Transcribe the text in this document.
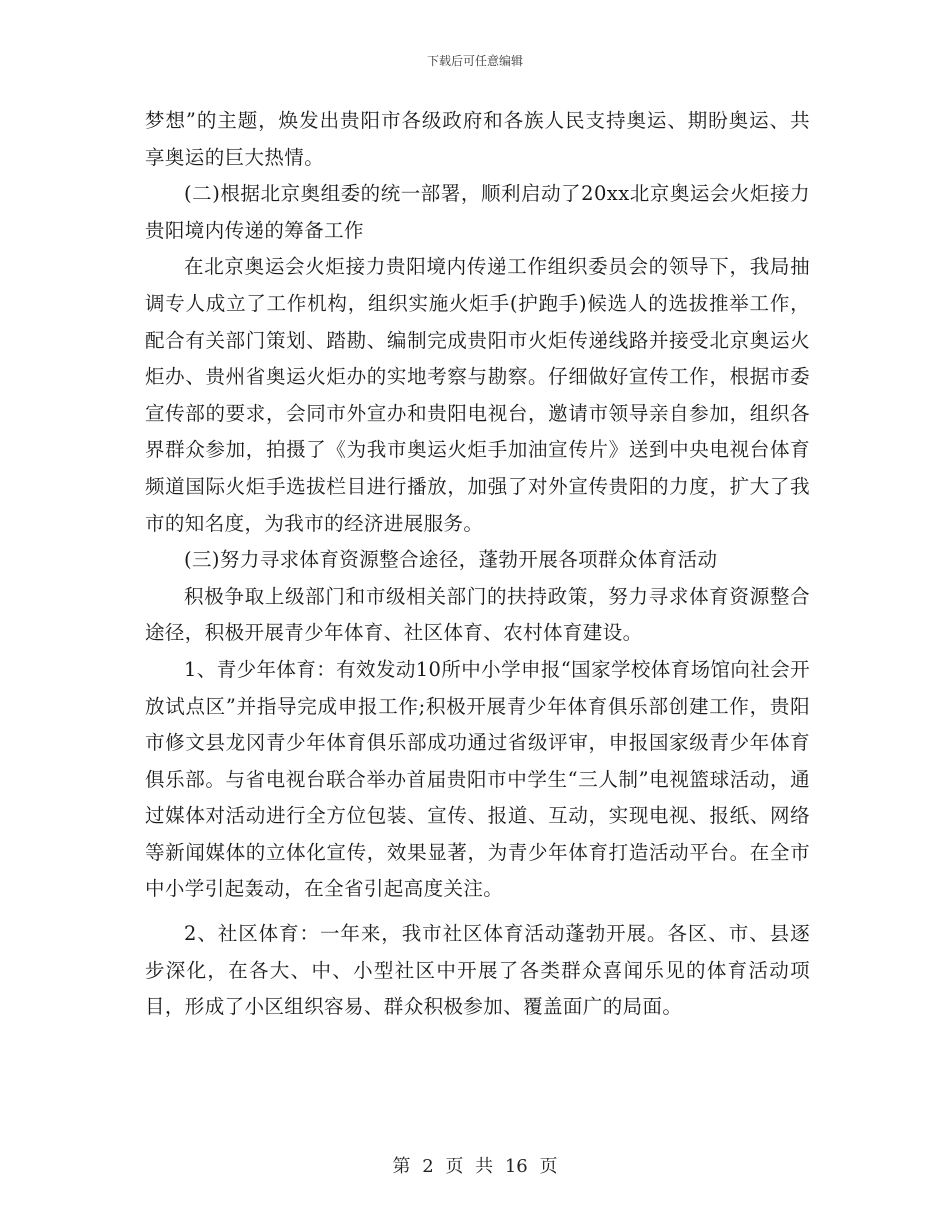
下载后可任意编辑

梦想”的主题，焕发出贵阳市各级政府和各族人民支持奥运、期盼奥运、共享奥运的巨大热情。

(二)根据北京奥组委的统一部署，顺利启动了20xx北京奥运会火炬接力贵阳境内传递的筹备工作

在北京奥运会火炬接力贵阳境内传递工作组织委员会的领导下，我局抽调专人成立了工作机构，组织实施火炬手(护跑手)候选人的选拔推举工作，配合有关部门策划、踏勘、编制完成贵阳市火炬传递线路并接受北京奥运火炬办、贵州省奥运火炬办的实地考察与勘察。仔细做好宣传工作，根据市委宣传部的要求，会同市外宣办和贵阳电视台，邀请市领导亲自参加，组织各界群众参加，拍摄了《为我市奥运火炬手加油宣传片》送到中央电视台体育频道国际火炬手选拔栏目进行播放，加强了对外宣传贵阳的力度，扩大了我市的知名度，为我市的经济进展服务。

(三)努力寻求体育资源整合途径，蓬勃开展各项群众体育活动

积极争取上级部门和市级相关部门的扶持政策，努力寻求体育资源整合途径，积极开展青少年体育、社区体育、农村体育建设。

1、青少年体育：有效发动10所中小学申报“国家学校体育场馆向社会开放试点区”并指导完成申报工作;积极开展青少年体育俱乐部创建工作，贵阳市修文县龙冈青少年体育俱乐部成功通过省级评审，申报国家级青少年体育俱乐部。与省电视台联合举办首届贵阳市中学生“三人制”电视篮球活动，通过媒体对活动进行全方位包装、宣传、报道、互动，实现电视、报纸、网络等新闻媒体的立体化宣传，效果显著，为青少年体育打造活动平台。在全市中小学引起轰动，在全省引起高度关注。

2、社区体育：一年来，我市社区体育活动蓬勃开展。各区、市、县逐步深化，在各大、中、小型社区中开展了各类群众喜闻乐见的体育活动项目，形成了小区组织容易、群众积极参加、覆盖面广的局面。

第 2 页 共 16 页
